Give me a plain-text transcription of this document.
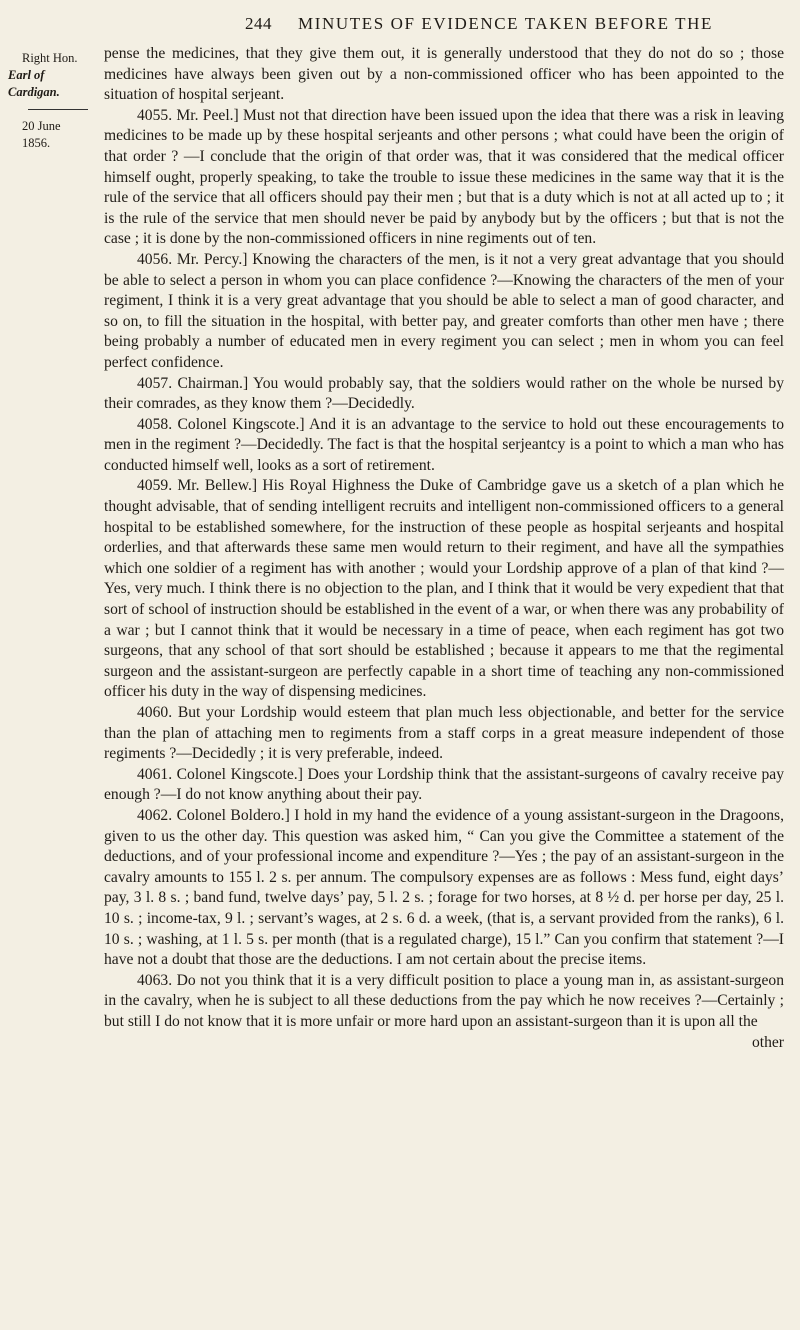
244 MINUTES OF EVIDENCE TAKEN BEFORE THE
Right Hon.
Earl of Cardigan.
20 June 1856.

pense the medicines, that they give them out, it is generally understood that they do not do so ; those medicines have always been given out by a non-commissioned officer who has been appointed to the situation of hospital serjeant.

4055. Mr. Peel.] Must not that direction have been issued upon the idea that there was a risk in leaving medicines to be made up by these hospital serjeants and other persons ; what could have been the origin of that order ? —I conclude that the origin of that order was, that it was considered that the medical officer himself ought, properly speaking, to take the trouble to issue these medicines in the same way that it is the rule of the service that all officers should pay their men ; but that is a duty which is not at all acted up to ; it is the rule of the service that men should never be paid by anybody but by the officers ; but that is not the case ; it is done by the non-commissioned officers in nine regiments out of ten.

4056. Mr. Percy.] Knowing the characters of the men, is it not a very great advantage that you should be able to select a person in whom you can place confidence ?—Knowing the characters of the men of your regiment, I think it is a very great advantage that you should be able to select a man of good character, and so on, to fill the situation in the hospital, with better pay, and greater comforts than other men have ; there being probably a number of educated men in every regiment you can select ; men in whom you can feel perfect confidence.

4057. Chairman.] You would probably say, that the soldiers would rather on the whole be nursed by their comrades, as they know them ?—Decidedly.

4058. Colonel Kingscote.] And it is an advantage to the service to hold out these encouragements to men in the regiment ?—Decidedly. The fact is that the hospital serjeantcy is a point to which a man who has conducted himself well, looks as a sort of retirement.

4059. Mr. Bellew.] His Royal Highness the Duke of Cambridge gave us a sketch of a plan which he thought advisable, that of sending intelligent recruits and intelligent non-commissioned officers to a general hospital to be established somewhere, for the instruction of these people as hospital serjeants and hospital orderlies, and that afterwards these same men would return to their regiment, and have all the sympathies which one soldier of a regiment has with another ; would your Lordship approve of a plan of that kind ?—Yes, very much. I think there is no objection to the plan, and I think that it would be very expedient that that sort of school of instruction should be established in the event of a war, or when there was any probability of a war ; but I cannot think that it would be necessary in a time of peace, when each regiment has got two surgeons, that any school of that sort should be established ; because it appears to me that the regimental surgeon and the assistant-surgeon are perfectly capable in a short time of teaching any non-commissioned officer his duty in the way of dispensing medicines.

4060. But your Lordship would esteem that plan much less objectionable, and better for the service than the plan of attaching men to regiments from a staff corps in a great measure independent of those regiments ?—Decidedly ; it is very preferable, indeed.

4061. Colonel Kingscote.] Does your Lordship think that the assistant-surgeons of cavalry receive pay enough ?—I do not know anything about their pay.

4062. Colonel Boldero.] I hold in my hand the evidence of a young assistant-surgeon in the Dragoons, given to us the other day. This question was asked him, “ Can you give the Committee a statement of the deductions, and of your professional income and expenditure ?—Yes ; the pay of an assistant-surgeon in the cavalry amounts to 155 l. 2 s. per annum. The compulsory expenses are as follows : Mess fund, eight days’ pay, 3 l. 8 s. ; band fund, twelve days’ pay, 5 l. 2 s. ; forage for two horses, at 8 ½ d. per horse per day, 25 l. 10 s. ; income-tax, 9 l. ; servant’s wages, at 2 s. 6 d. a week, (that is, a servant provided from the ranks), 6 l. 10 s. ; washing, at 1 l. 5 s. per month (that is a regulated charge), 15 l.” Can you confirm that statement ?—I have not a doubt that those are the deductions. I am not certain about the precise items.

4063. Do not you think that it is a very difficult position to place a young man in, as assistant-surgeon in the cavalry, when he is subject to all these deductions from the pay which he now receives ?—Certainly ; but still I do not know that it is more unfair or more hard upon an assistant-surgeon than it is upon all the

other
